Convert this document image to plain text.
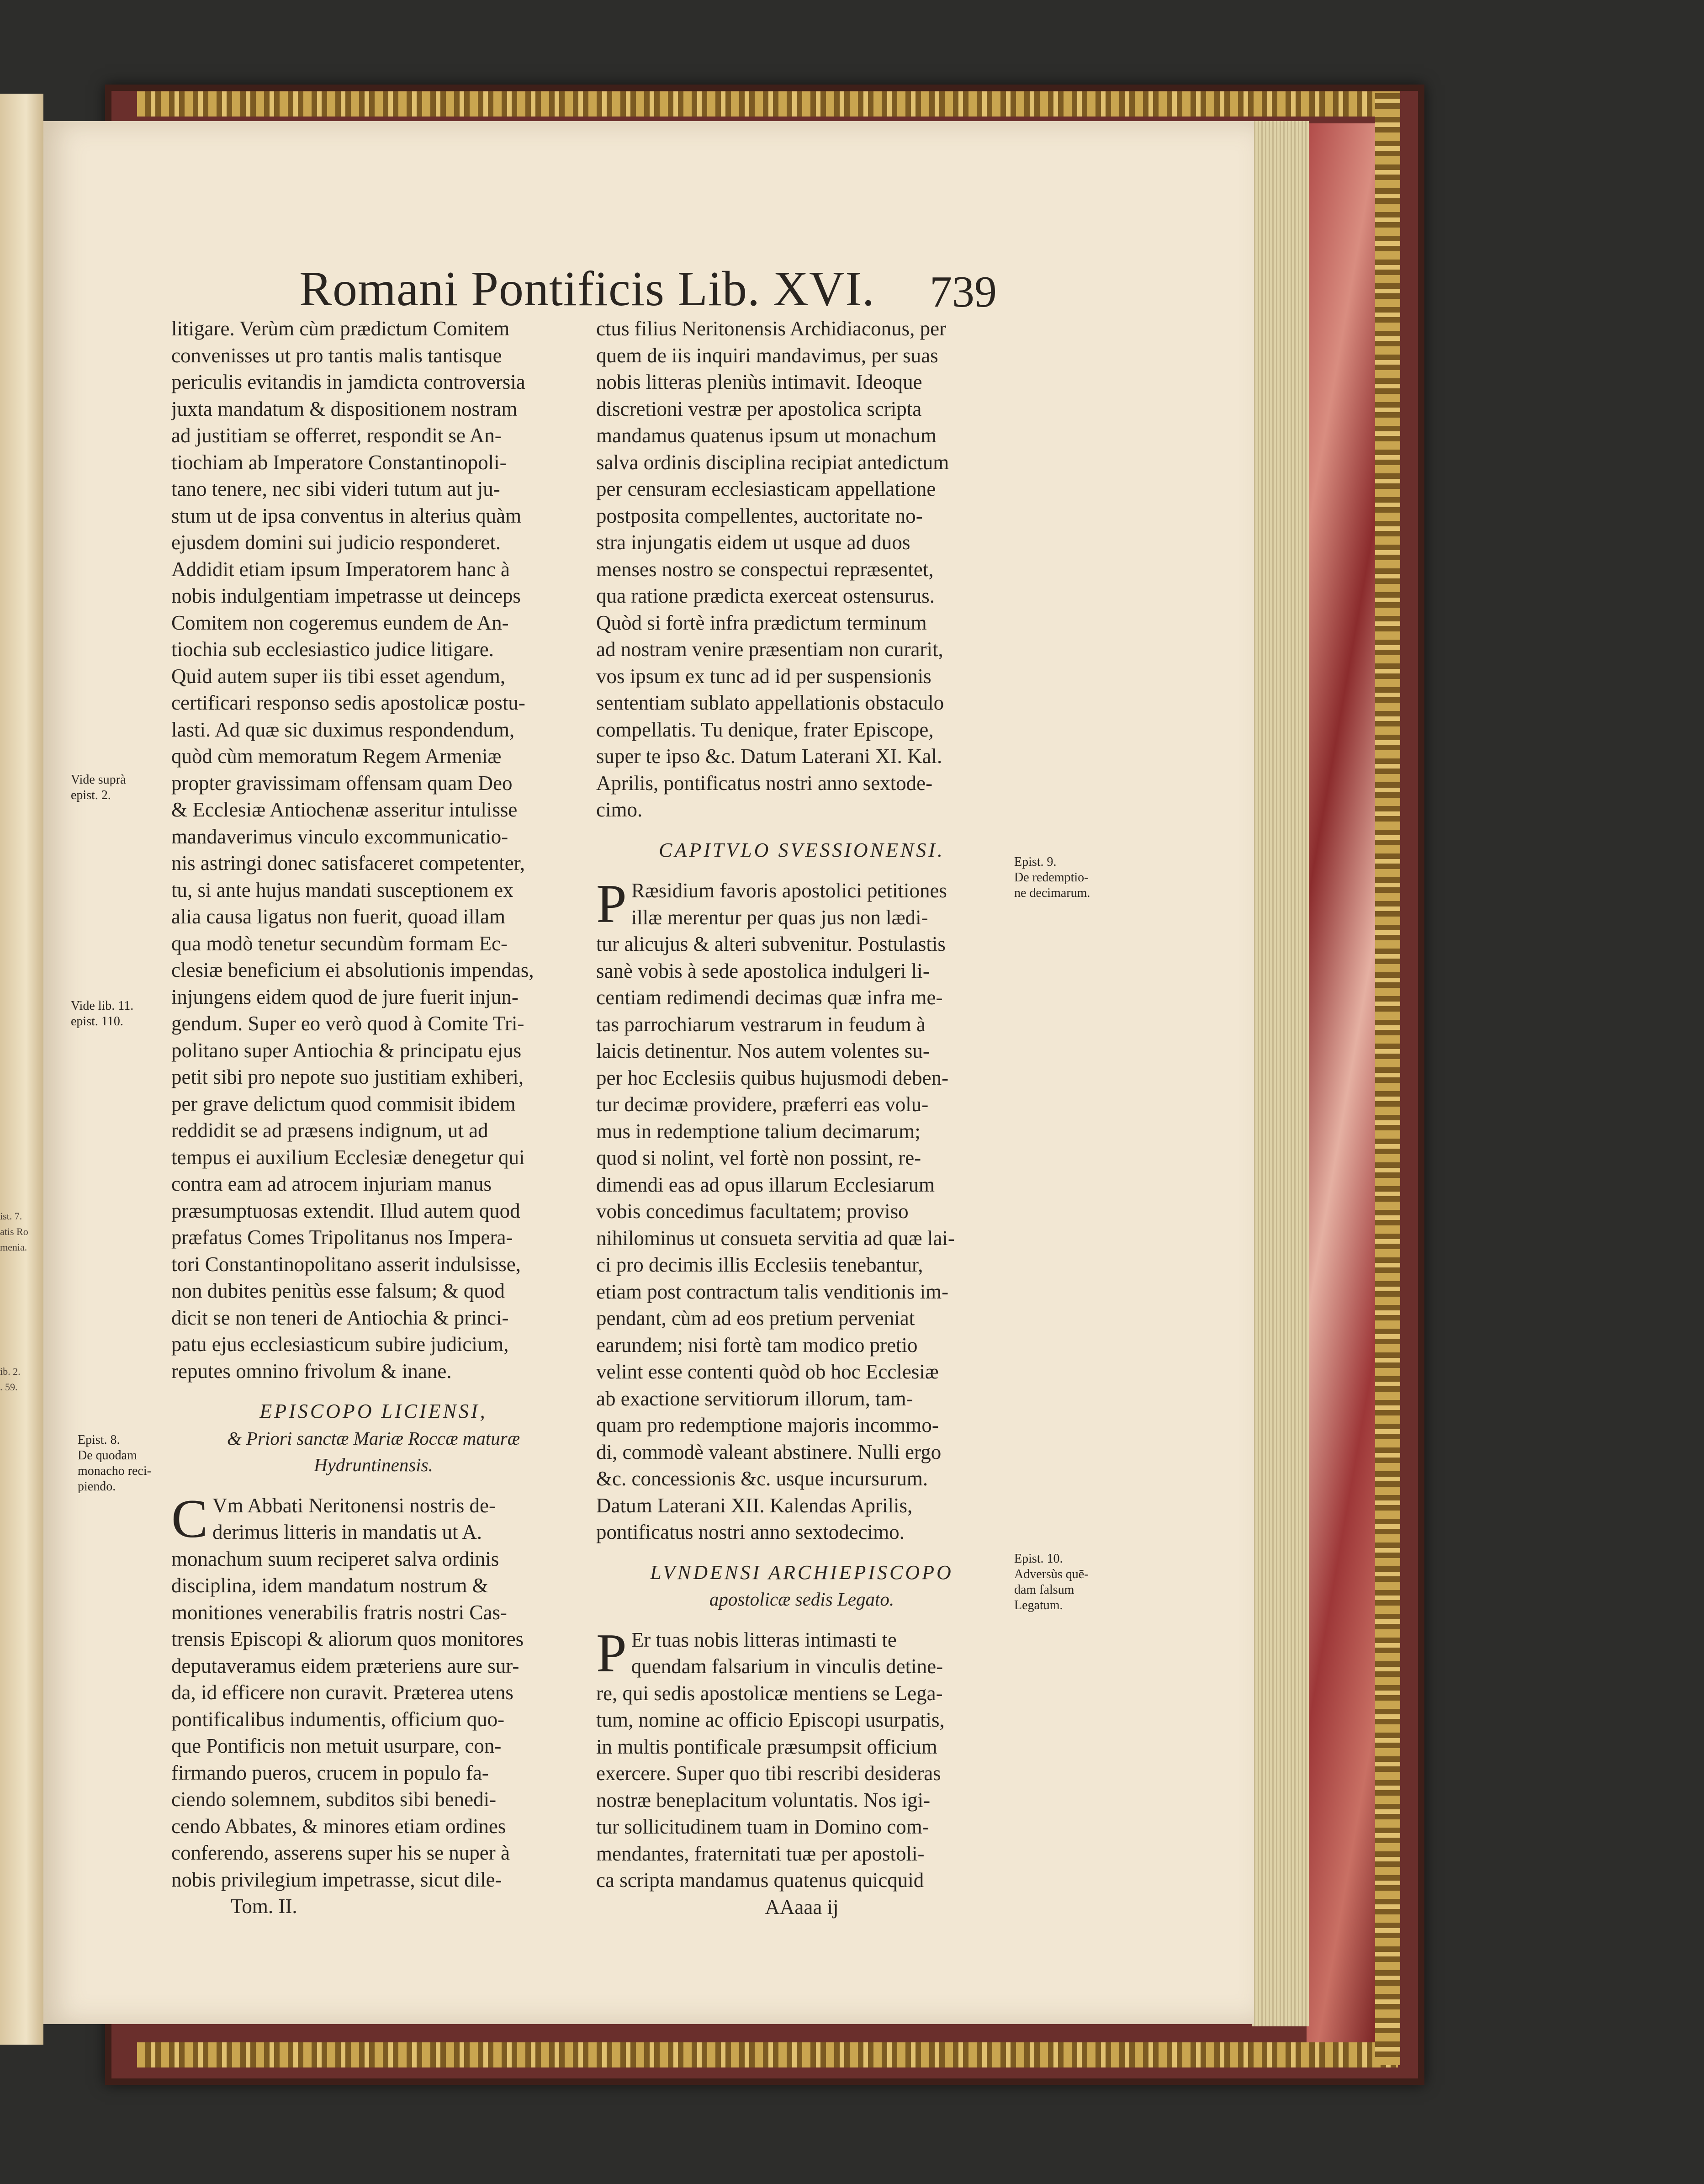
ist. 7.
atis Ro
menia.

ib. 2.
. 59.
Romani Pontificis Lib. XVI. 739
litigare. Verùm cùm prædictum Comitem
convenisses ut pro tantis malis tantisque
periculis evitandis in jamdicta controversia
juxta mandatum & dispositionem nostram
ad justitiam se offerret, respondit se An-
tiochiam ab Imperatore Constantinopoli-
tano tenere, nec sibi videri tutum aut ju-
stum ut de ipsa conventus in alterius quàm
ejusdem domini sui judicio responderet.
Addidit etiam ipsum Imperatorem hanc à
nobis indulgentiam impetrasse ut deinceps
Comitem non cogeremus eundem de An-
tiochia sub ecclesiastico judice litigare.
Quid autem super iis tibi esset agendum,
certificari responso sedis apostolicæ postu-
lasti. Ad quæ sic duximus respondendum,
quòd cùm memoratum Regem Armeniæ
propter gravissimam offensam quam Deo
& Ecclesiæ Antiochenæ asseritur intulisse
mandaverimus vinculo excommunicatio-
nis astringi donec satisfaceret competenter,
tu, si ante hujus mandati susceptionem ex
alia causa ligatus non fuerit, quoad illam
qua modò tenetur secundùm formam Ec-
clesiæ beneficium ei absolutionis impendas,
injungens eidem quod de jure fuerit injun-
gendum. Super eo verò quod à Comite Tri-
politano super Antiochia & principatu ejus
petit sibi pro nepote suo justitiam exhiberi,
per grave delictum quod commisit ibidem
reddidit se ad præsens indignum, ut ad
tempus ei auxilium Ecclesiæ denegetur qui
contra eam ad atrocem injuriam manus
præsumptuosas extendit. Illud autem quod
præfatus Comes Tripolitanus nos Impera-
tori Constantinopolitano asserit indulsisse,
non dubites penitùs esse falsum; & quod
dicit se non teneri de Antiochia & princi-
patu ejus ecclesiasticum subire judicium,
reputes omnino frivolum & inane.
EPISCOPO LICIENSI,
& Priori sanctæ Mariæ Roccæ maturæ
Hydruntinensis.
C Vm Abbati Neritonensi nostris de-
derimus litteris in mandatis ut A.
monachum suum reciperet salva ordinis
disciplina, idem mandatum nostrum &
monitiones venerabilis fratris nostri Cas-
trensis Episcopi & aliorum quos monitores
deputaveramus eidem præteriens aure sur-
da, id efficere non curavit. Præterea utens
pontificalibus indumentis, officium quo-
que Pontificis non metuit usurpare, con-
firmando pueros, crucem in populo fa-
ciendo solemnem, subditos sibi benedi-
cendo Abbates, & minores etiam ordines
conferendo, asserens super his se nuper à
nobis privilegium impetrasse, sicut dile-
Tom. II.
ctus filius Neritonensis Archidiaconus, per
quem de iis inquiri mandavimus, per suas
nobis litteras pleniùs intimavit. Ideoque
discretioni vestræ per apostolica scripta
mandamus quatenus ipsum ut monachum
salva ordinis disciplina recipiat antedictum
per censuram ecclesiasticam appellatione
postposita compellentes, auctoritate no-
stra injungatis eidem ut usque ad duos
menses nostro se conspectui repræsentet,
qua ratione prædicta exerceat ostensurus.
Quòd si fortè infra prædictum terminum
ad nostram venire præsentiam non curarit,
vos ipsum ex tunc ad id per suspensionis
sententiam sublato appellationis obstaculo
compellatis. Tu denique, frater Episcope,
super te ipso &c. Datum Laterani XI. Kal.
Aprilis, pontificatus nostri anno sextode-
cimo.
CAPITVLO SVESSIONENSI.
P Ræsidium favoris apostolici petitiones
illæ merentur per quas jus non lædi-
tur alicujus & alteri subvenitur. Postulastis
sanè vobis à sede apostolica indulgeri li-
centiam redimendi decimas quæ infra me-
tas parrochiarum vestrarum in feudum à
laicis detinentur. Nos autem volentes su-
per hoc Ecclesiis quibus hujusmodi deben-
tur decimæ providere, præferri eas volu-
mus in redemptione talium decimarum;
quod si nolint, vel fortè non possint, re-
dimendi eas ad opus illarum Ecclesiarum
vobis concedimus facultatem; proviso
nihilominus ut consueta servitia ad quæ lai-
ci pro decimis illis Ecclesiis tenebantur,
etiam post contractum talis venditionis im-
pendant, cùm ad eos pretium perveniat
earundem; nisi fortè tam modico pretio
velint esse contenti quòd ob hoc Ecclesiæ
ab exactione servitiorum illorum, tam-
quam pro redemptione majoris incommo-
di, commodè valeant abstinere. Nulli ergo
&c. concessionis &c. usque incursurum.
Datum Laterani XII. Kalendas Aprilis,
pontificatus nostri anno sextodecimo.
LVNDENSI ARCHIEPISCOPO
apostolicæ sedis Legato.
P Er tuas nobis litteras intimasti te
quendam falsarium in vinculis detine-
re, qui sedis apostolicæ mentiens se Lega-
tum, nomine ac officio Episcopi usurpatis,
in multis pontificale præsumpsit officium
exercere. Super quo tibi rescribi desideras
nostræ beneplacitum voluntatis. Nos igi-
tur sollicitudinem tuam in Domino com-
mendantes, fraternitati tuæ per apostoli-
ca scripta mandamus quatenus quicquid
AAaaa ij
Vide suprà
epist. 2.
Vide lib. 11.
epist. 110.
Epist. 8.
De quodam
monacho reci-
piendo.
Epist. 9.
De redemptio-
ne decimarum.
Epist. 10.
Adversùs quē-
dam falsum
Legatum.
